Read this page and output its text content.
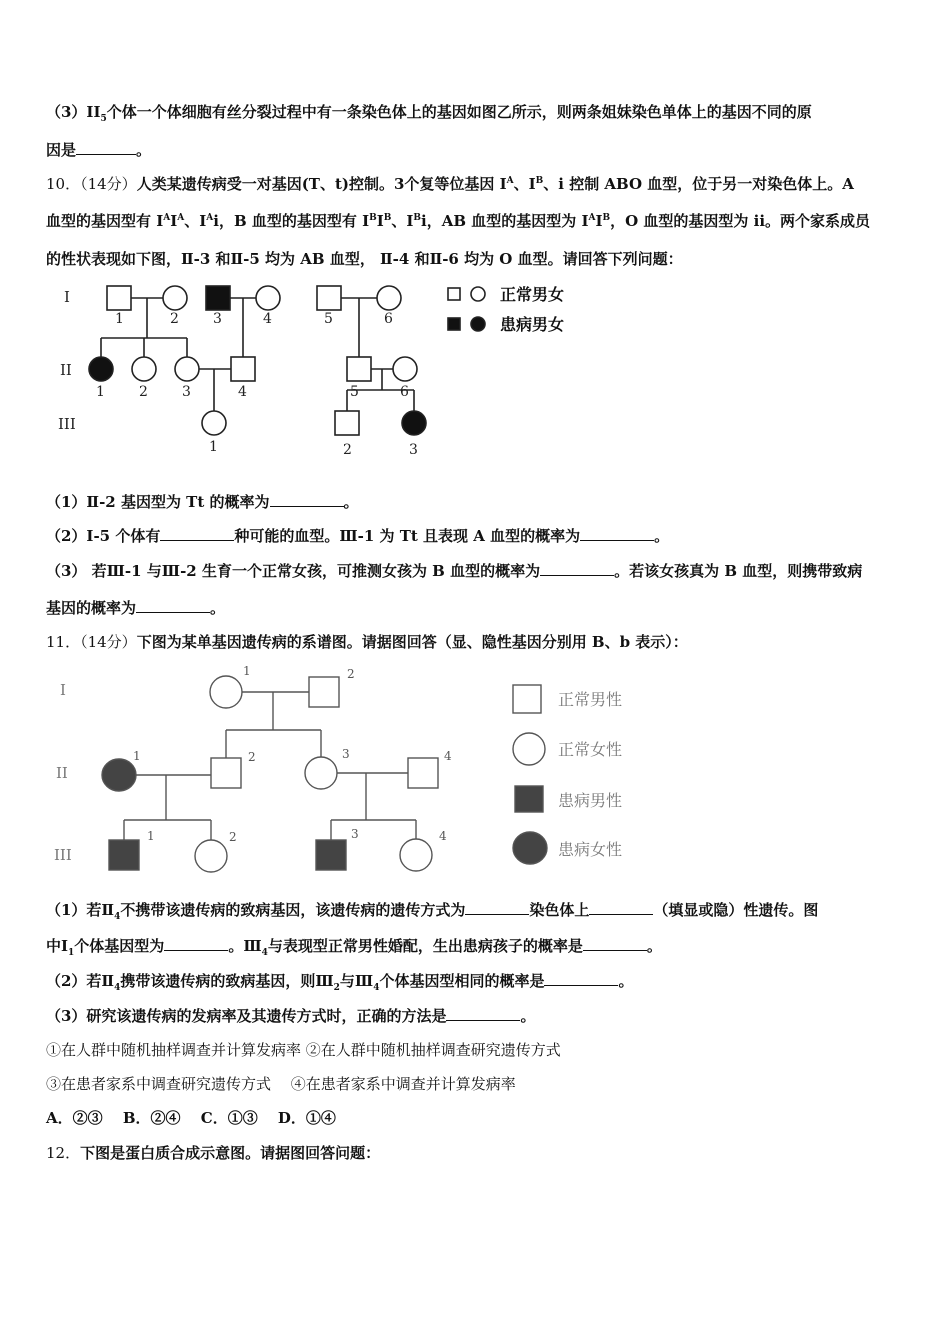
$(3)II_5$个体一个体细胞有丝分裂过程中有一条染色体上的基因如图乙所示，则两条姐妹染色单体上的基因不同的原
因是	。
10．（14分）人类某遗传病受一对基因(T、t)控制。3个复等位基因 $I^A$、$I^B$、i 控制 ABO 血型，位于另一对染色体上。A
血型的基因型有 $I^AI^A$、$I^Ai$，B 血型的基因型有 $I^BI^B$、$I^Bi$，AB 血型的基因型为 $I^AI^B$，O 血型的基因型为 ii。两个家系成员
的性状表现如下图，Ⅱ-3 和Ⅱ-5 均为 AB 血型， Ⅱ-4 和Ⅱ-6 均为 O 血型。请回答下列问题：
I
II
III
1	2 3	4
1 2 3	4
1
5	6
5	6
2	3
正常男女
患病男女
（1）Ⅱ-2 基因型为 Tt 的概率为	。
（2）Ⅰ-5 个体有	种可能的血型。Ⅲ-1 为 Tt 且表现 A 血型的概率为	。
（3） 若Ⅲ-1 与Ⅲ-2 生育一个正常女孩，可推测女孩为 B 血型的概率为	。若该女孩真为 B 血型，则携带致病
基因的概率为	。
11．（14分）下图为某单基因遗传病的系谱图。请据图回答（显、隐性基因分别用 B、b 表示）：
I
II
III
1	2
1	2	3	4
1	2	3	4
正常男性
正常女性
患病男性
患病女性
（1）若$Ⅱ_4$不携带该遗传病的致病基因，该遗传病的遗传方式为	染色体上	（填显或隐）性遗传。图
中$Ⅰ_1$个体基因型为	。$Ⅲ_4$与表现型正常男性婚配，生出患病孩子的概率是	。
（2）若$Ⅱ_4$携带该遗传病的致病基因，则$Ⅲ_2$与$Ⅲ_4$个体基因型相同的概率是	。
（3）研究该遗传病的发病率及其遗传方式时，正确的方法是	。
①在人群中随机抽样调查并计算发病率 ②在人群中随机抽样调查研究遗传方式
③在患者家系中调查研究遗传方式　 ④在患者家系中调查并计算发病率
A．②③　 B．②④　 C．①③　 D．①④
12．下图是蛋白质合成示意图。请据图回答问题：
